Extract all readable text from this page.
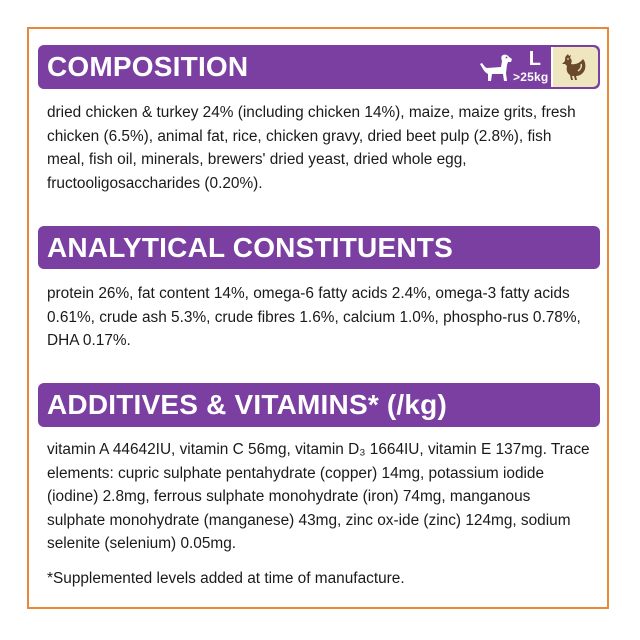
COMPOSITION	L
>25kg

dried chicken & turkey 24% (including chicken 14%), maize, maize grits, fresh chicken (6.5%), animal fat, rice, chicken gravy, dried beet pulp (2.8%), fish meal, fish oil, minerals, brewers' dried yeast, dried whole egg, fructooligosaccharides (0.20%).

ANALYTICAL CONSTITUENTS

protein 26%, fat content 14%, omega-6 fatty acids 2.4%, omega-3 fatty acids 0.61%, crude ash 5.3%, crude fibres 1.6%, calcium 1.0%, phospho-rus 0.78%, DHA 0.17%.

ADDITIVES & VITAMINS* (/kg)

vitamin A 44642IU, vitamin C 56mg, vitamin D₃ 1664IU, vitamin E 137mg. Trace elements: cupric sulphate pentahydrate (copper) 14mg, potassium iodide (iodine) 2.8mg, ferrous sulphate monohydrate (iron) 74mg, manganous sulphate monohydrate (manganese) 43mg, zinc ox-ide (zinc) 124mg, sodium selenite (selenium) 0.05mg.

*Supplemented levels added at time of manufacture.
